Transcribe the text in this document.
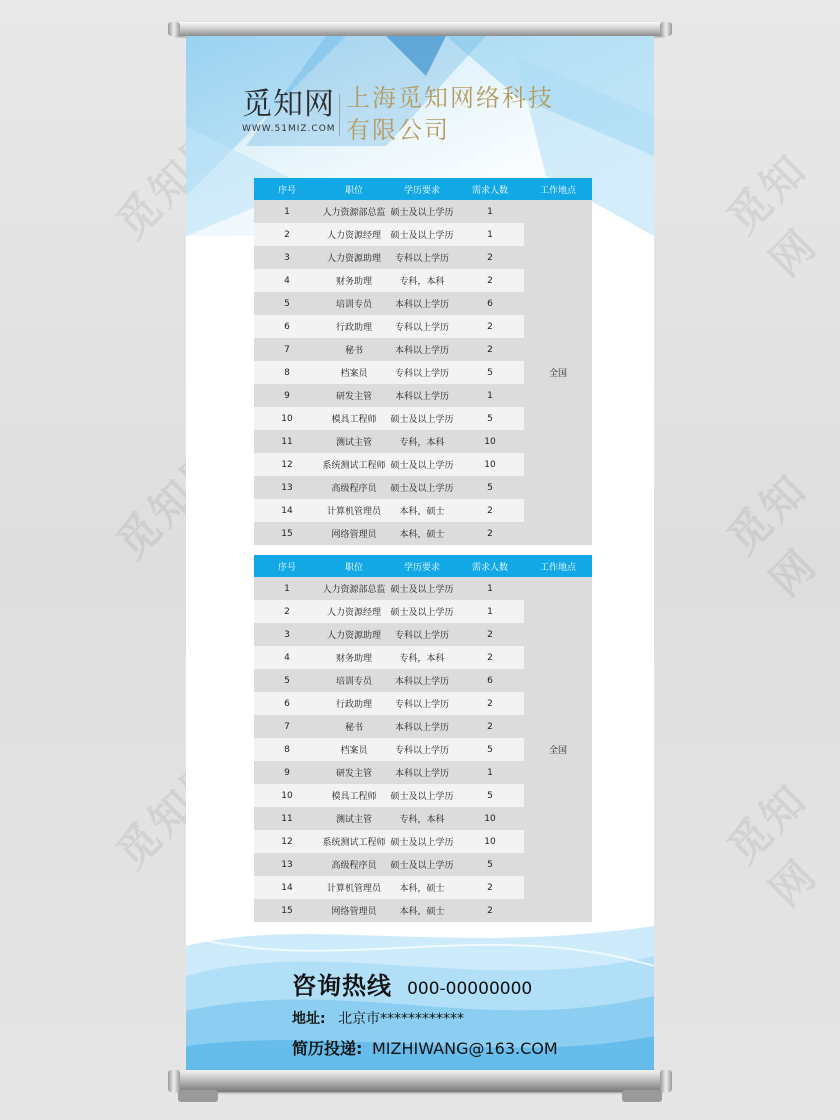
觅知网
觅知网
觅知网
觅知网
觅知网
觅知网
觅知网
WWW.51MIZ.COM
上海觅知网络科技
有限公司
序号	职位	学历要求	需求人数	工作地点
1	人力资源部总监	硕士及以上学历	1	全国
2	人力资源经理	硕士及以上学历	1	
3	人力资源助理	专科以上学历	2	
4	财务助理	专科，本科	2	
5	培训专员	本科以上学历	6	
6	行政助理	专科以上学历	2	
7	秘书	本科以上学历	2	
8	档案员	专科以上学历	5	
9	研发主管	本科以上学历	1	
10	模具工程师	硕士及以上学历	5	
11	测试主管	专科，本科	10	
12	系统测试工程师	硕士及以上学历	10	
13	高级程序员	硕士及以上学历	5	
14	计算机管理员	本科，硕士	2	
15	网络管理员	本科，硕士	2	
序号	职位	学历要求	需求人数	工作地点
1	人力资源部总监	硕士及以上学历	1	全国
2	人力资源经理	硕士及以上学历	1	
3	人力资源助理	专科以上学历	2	
4	财务助理	专科，本科	2	
5	培训专员	本科以上学历	6	
6	行政助理	专科以上学历	2	
7	秘书	本科以上学历	2	
8	档案员	专科以上学历	5	
9	研发主管	本科以上学历	1	
10	模具工程师	硕士及以上学历	5	
11	测试主管	专科，本科	10	
12	系统测试工程师	硕士及以上学历	10	
13	高级程序员	硕士及以上学历	5	
14	计算机管理员	本科，硕士	2	
15	网络管理员	本科，硕士	2	
咨询热线 000-00000000
地址: 北京市************
简历投递: MIZHIWANG@163.COM
